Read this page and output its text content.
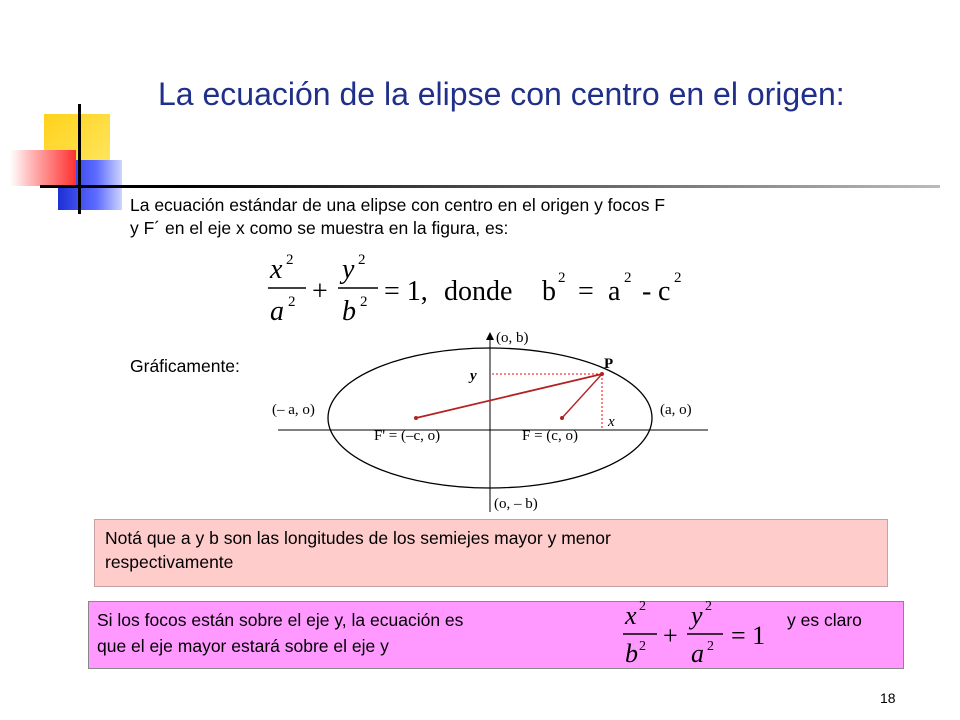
La ecuación de la elipse con centro en el origen:
La ecuación estándar de una elipse con centro en el origen y focos F
y F´ en el eje x como se muestra en la figura, es:
x 2
a 2 +
y 2
b 2 = 1, donde b 2 = a 2 - c 2
Gráficamente:
(o, b)
(o, – b)
(– a, o)	(a, o)
F' = (–c, o)	F = (c, o)
P
x
y
Notá que a y b son las longitudes de los semiejes mayor y menor
respectivamente
Si los focos están sobre el eje y, la ecuación es
que el eje mayor estará sobre el eje y
x 2
b 2 +
y 2
a 2 = 1
y es claro
18
